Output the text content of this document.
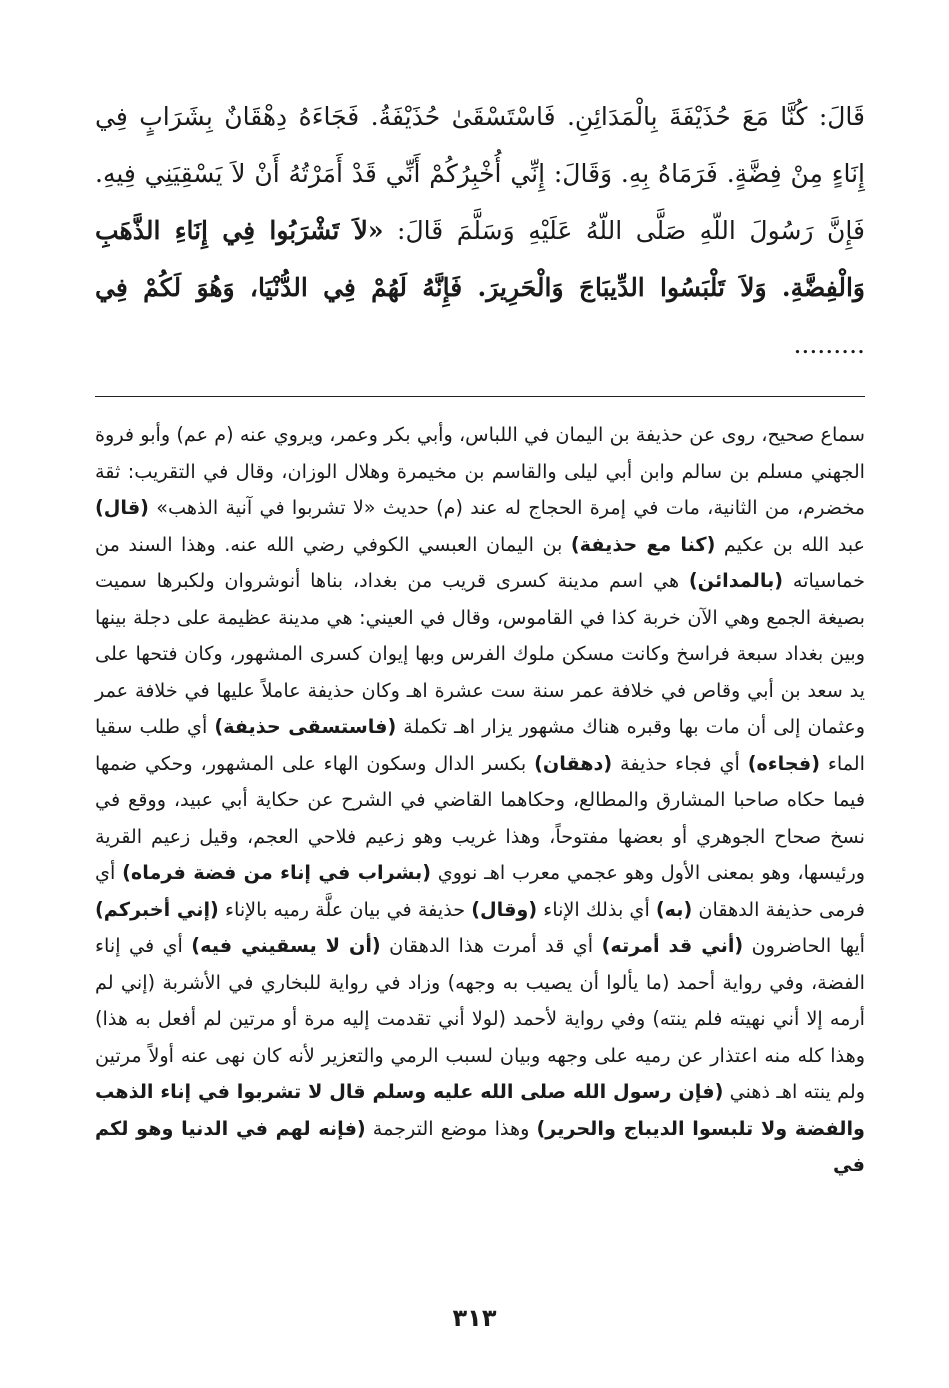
قَالَ: كُنَّا مَعَ حُذَيْفَةَ بِالْمَدَائِنِ. فَاسْتَسْقَىٰ حُذَيْفَةُ. فَجَاءَهُ دِهْقَانٌ بِشَرَابٍ فِي إِنَاءٍ مِنْ فِضَّةٍ. فَرَمَاهُ بِهِ. وَقَالَ: إِنِّي أُخْبِرُكُمْ أَنِّي قَدْ أَمَرْتُهُ أَنْ لاَ يَسْقِيَنِي فِيهِ. فَإِنَّ رَسُولَ اللّهِ صَلَّى اللّهُ عَلَيْهِ وَسَلَّمَ قَالَ: «لاَ تَشْرَبُوا فِي إِنَاءِ الذَّهَبِ وَالْفِضَّةِ. وَلاَ تَلْبَسُوا الدِّيبَاجَ وَالْحَرِيرَ. فَإِنَّهُ لَهُمْ فِي الدُّنْيَا، وَهُوَ لَكُمْ فِي .........

سماع صحيح، روى عن حذيفة بن اليمان في اللباس، وأبي بكر وعمر، ويروي عنه (م عم) وأبو فروة الجهني مسلم بن سالم وابن أبي ليلى والقاسم بن مخيمرة وهلال الوزان، وقال في التقريب: ثقة مخضرم، من الثانية، مات في إمرة الحجاج له عند (م) حديث «لا تشربوا في آنية الذهب» (قال) عبد الله بن عكيم (كنا مع حذيفة) بن اليمان العبسي الكوفي رضي الله عنه. وهذا السند من خماسياته (بالمدائن) هي اسم مدينة كسرى قريب من بغداد، بناها أنوشروان ولكبرها سميت بصيغة الجمع وهي الآن خربة كذا في القاموس، وقال في العيني: هي مدينة عظيمة على دجلة بينها وبين بغداد سبعة فراسخ وكانت مسكن ملوك الفرس وبها إيوان كسرى المشهور، وكان فتحها على يد سعد بن أبي وقاص في خلافة عمر سنة ست عشرة اهـ وكان حذيفة عاملاً عليها في خلافة عمر وعثمان إلى أن مات بها وقبره هناك مشهور يزار اهـ تكملة (فاستسقى حذيفة) أي طلب سقيا الماء (فجاءه) أي فجاء حذيفة (دهقان) بكسر الدال وسكون الهاء على المشهور، وحكي ضمها فيما حكاه صاحبا المشارق والمطالع، وحكاهما القاضي في الشرح عن حكاية أبي عبيد، ووقع في نسخ صحاح الجوهري أو بعضها مفتوحاً، وهذا غريب وهو زعيم فلاحي العجم، وقيل زعيم القرية ورئيسها، وهو بمعنى الأول وهو عجمي معرب اهـ نووي (بشراب في إناء من فضة فرماه) أي فرمى حذيفة الدهقان (به) أي بذلك الإناء (وقال) حذيفة في بيان علَّة رميه بالإناء (إني أخبركم) أيها الحاضرون (أني قد أمرته) أي قد أمرت هذا الدهقان (أن لا يسقيني فيه) أي في إناء الفضة، وفي رواية أحمد (ما يألوا أن يصيب به وجهه) وزاد في رواية للبخاري في الأشربة (إني لم أرمه إلا أني نهيته فلم ينته) وفي رواية لأحمد (لولا أني تقدمت إليه مرة أو مرتين لم أفعل به هذا) وهذا كله منه اعتذار عن رميه على وجهه وبيان لسبب الرمي والتعزير لأنه كان نهى عنه أولاً مرتين ولم ينته اهـ ذهني (فإن رسول الله صلى الله عليه وسلم قال لا تشربوا في إناء الذهب والفضة ولا تلبسوا الديباج والحرير) وهذا موضع الترجمة (فإنه لهم في الدنيا وهو لكم في

٣١٣
